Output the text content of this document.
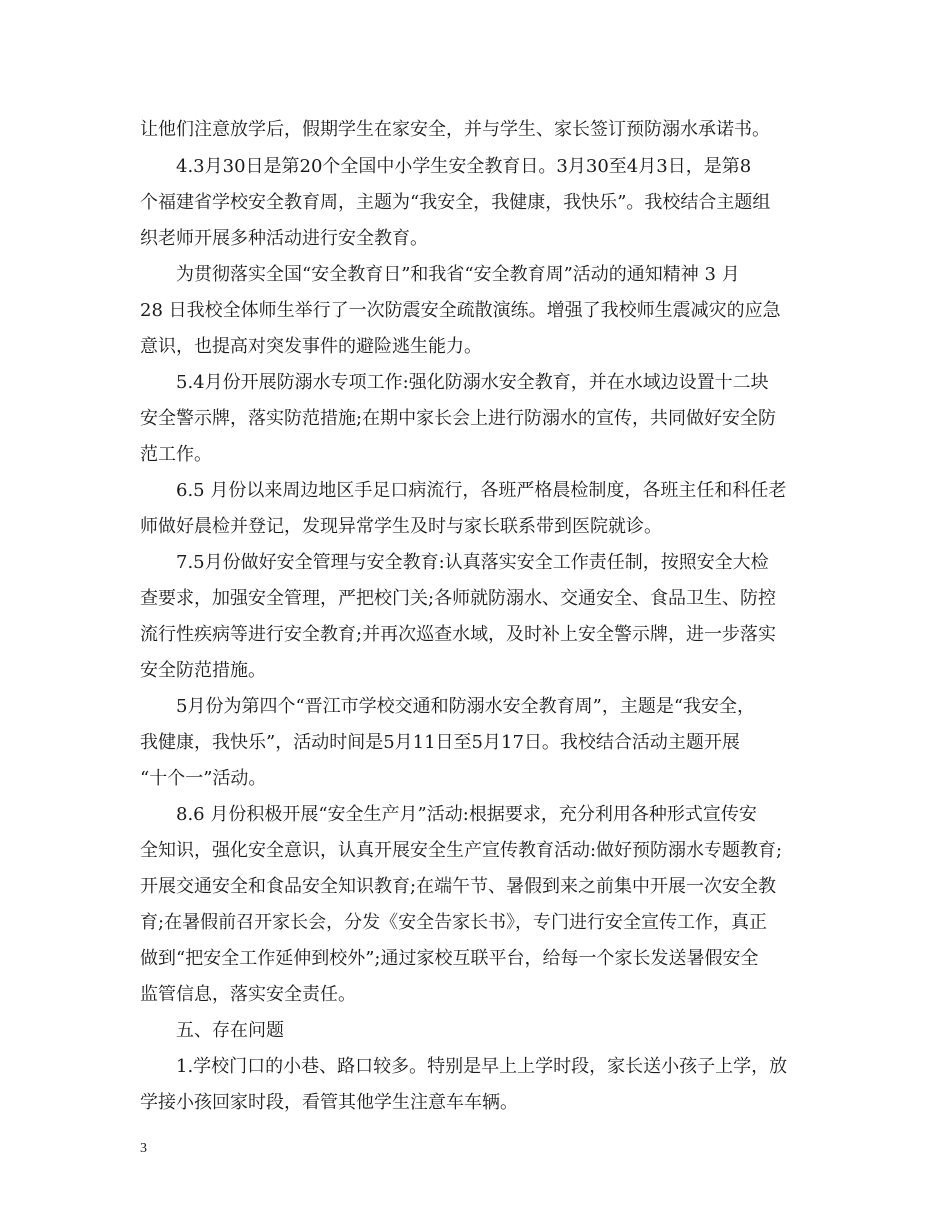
让他们注意放学后，假期学生在家安全，并与学生、家长签订预防溺水承诺书。
4.3月30日是第20个全国中小学生安全教育日。3月30至4月3日，是第8
个福建省学校安全教育周，主题为“我安全，我健康，我快乐”。我校结合主题组
织老师开展多种活动进行安全教育。
为贯彻落实全国“安全教育日”和我省“安全教育周”活动的通知精神 3 月
28 日我校全体师生举行了一次防震安全疏散演练。增强了我校师生震减灾的应急
意识，也提高对突发事件的避险逃生能力。
5.4月份开展防溺水专项工作:强化防溺水安全教育，并在水域边设置十二块
安全警示牌，落实防范措施;在期中家长会上进行防溺水的宣传，共同做好安全防
范工作。
6.5 月份以来周边地区手足口病流行，各班严格晨检制度，各班主任和科任老
师做好晨检并登记，发现异常学生及时与家长联系带到医院就诊。
7.5月份做好安全管理与安全教育:认真落实安全工作责任制，按照安全大检
查要求，加强安全管理，严把校门关;各师就防溺水、交通安全、食品卫生、防控
流行性疾病等进行安全教育;并再次巡查水域，及时补上安全警示牌，进一步落实
安全防范措施。
5月份为第四个“晋江市学校交通和防溺水安全教育周”，主题是“我安全，
我健康，我快乐”，活动时间是5月11日至5月17日。我校结合活动主题开展
“十个一”活动。
8.6 月份积极开展“安全生产月”活动:根据要求，充分利用各种形式宣传安
全知识，强化安全意识，认真开展安全生产宣传教育活动:做好预防溺水专题教育;
开展交通安全和食品安全知识教育;在端午节、暑假到来之前集中开展一次安全教
育;在暑假前召开家长会，分发《安全告家长书》，专门进行安全宣传工作，真正
做到“把安全工作延伸到校外”;通过家校互联平台，给每一个家长发送暑假安全
监管信息，落实安全责任。
五、存在问题
1.学校门口的小巷、路口较多。特别是早上上学时段，家长送小孩子上学，放
学接小孩回家时段，看管其他学生注意车车辆。
3
